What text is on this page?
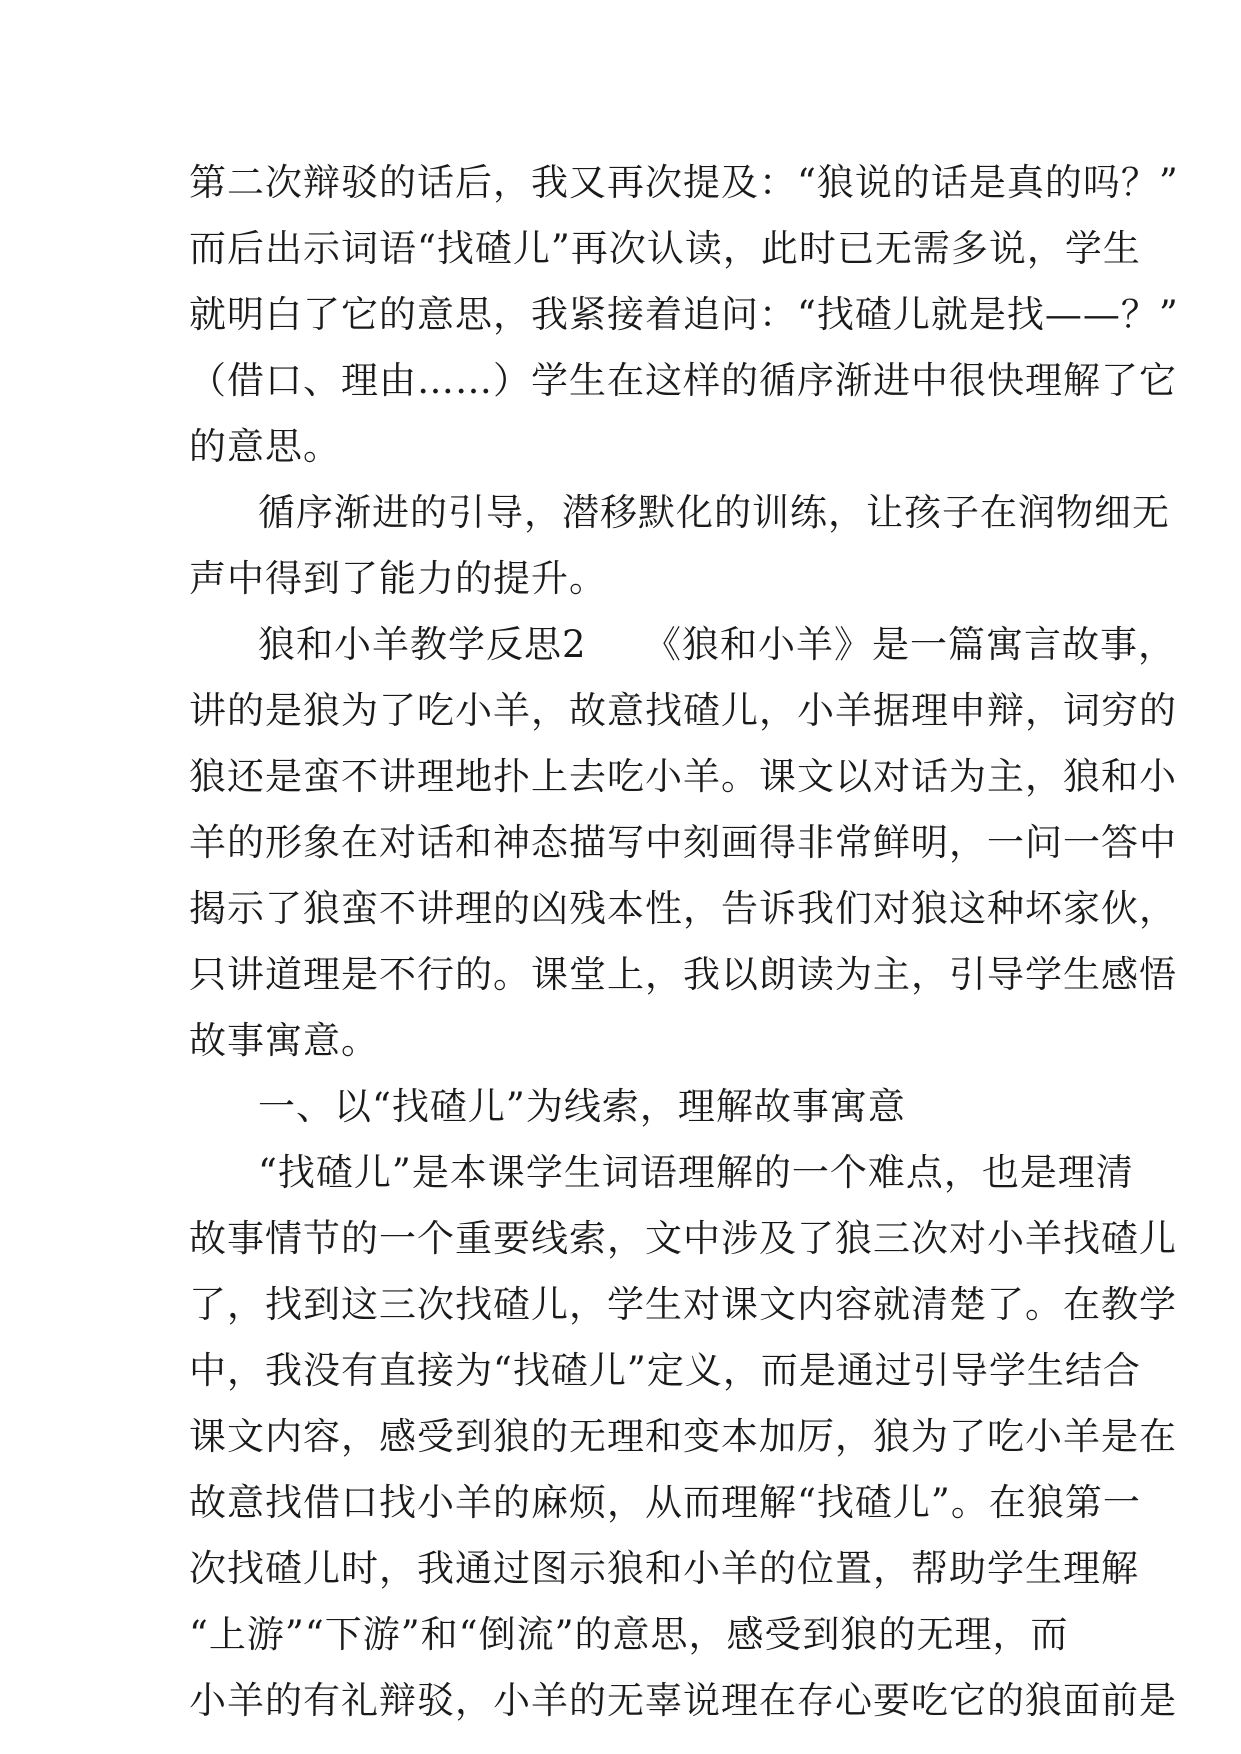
第二次辩驳的话后，我又再次提及：“狼说的话是真的吗？”
而后出示词语“找碴儿”再次认读，此时已无需多说，学生
就明白了它的意思，我紧接着追问：“找碴儿就是找——？”
（借口、理由……）学生在这样的循序渐进中很快理解了它
的意思。
循序渐进的引导，潜移默化的训练，让孩子在润物细无
声中得到了能力的提升。
狼和小羊教学反思2　　《狼和小羊》是一篇寓言故事，
讲的是狼为了吃小羊，故意找碴儿，小羊据理申辩，词穷的
狼还是蛮不讲理地扑上去吃小羊。课文以对话为主，狼和小
羊的形象在对话和神态描写中刻画得非常鲜明，一问一答中
揭示了狼蛮不讲理的凶残本性，告诉我们对狼这种坏家伙，
只讲道理是不行的。课堂上，我以朗读为主，引导学生感悟
故事寓意。
一、以“找碴儿”为线索，理解故事寓意
“找碴儿”是本课学生词语理解的一个难点，也是理清
故事情节的一个重要线索，文中涉及了狼三次对小羊找碴儿
了，找到这三次找碴儿，学生对课文内容就清楚了。在教学
中，我没有直接为“找碴儿”定义，而是通过引导学生结合
课文内容，感受到狼的无理和变本加厉，狼为了吃小羊是在
故意找借口找小羊的麻烦，从而理解“找碴儿”。在狼第一
次找碴儿时，我通过图示狼和小羊的位置，帮助学生理解
“上游”“下游”和“倒流”的意思，感受到狼的无理，而
小羊的有礼辩驳，小羊的无辜说理在存心要吃它的狼面前是
